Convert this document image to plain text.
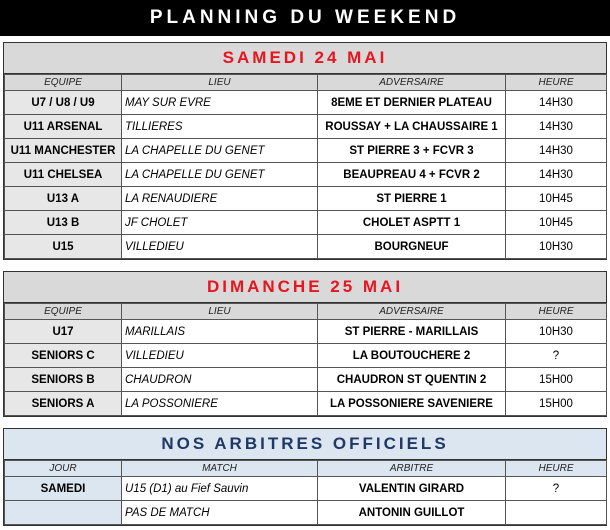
PLANNING DU WEEKEND
SAMEDI 24 MAI
EQUIPE	LIEU	ADVERSAIRE	HEURE
U7 / U8 / U9	MAY SUR EVRE	8EME ET DERNIER PLATEAU	14H30
U11 ARSENAL	TILLIERES	ROUSSAY + LA CHAUSSAIRE 1	14H30
U11 MANCHESTER	LA CHAPELLE DU GENET	ST PIERRE 3 + FCVR 3	14H30
U11 CHELSEA	LA CHAPELLE DU GENET	BEAUPREAU 4 + FCVR 2	14H30
U13 A	LA RENAUDIERE	ST PIERRE 1	10H45
U13 B	JF CHOLET	CHOLET ASPTT 1	10H45
U15	VILLEDIEU	BOURGNEUF	10H30
DIMANCHE 25 MAI
EQUIPE	LIEU	ADVERSAIRE	HEURE
U17	MARILLAIS	ST PIERRE - MARILLAIS	10H30
SENIORS C	VILLEDIEU	LA BOUTOUCHERE 2	?
SENIORS B	CHAUDRON	CHAUDRON ST QUENTIN 2	15H00
SENIORS A	LA POSSONIERE	LA POSSONIERE SAVENIERE	15H00
NOS ARBITRES OFFICIELS
JOUR	MATCH	ARBITRE	HEURE
SAMEDI	U15 (D1) au Fief Sauvin	VALENTIN GIRARD	?
	PAS DE MATCH	ANTONIN GUILLOT	
